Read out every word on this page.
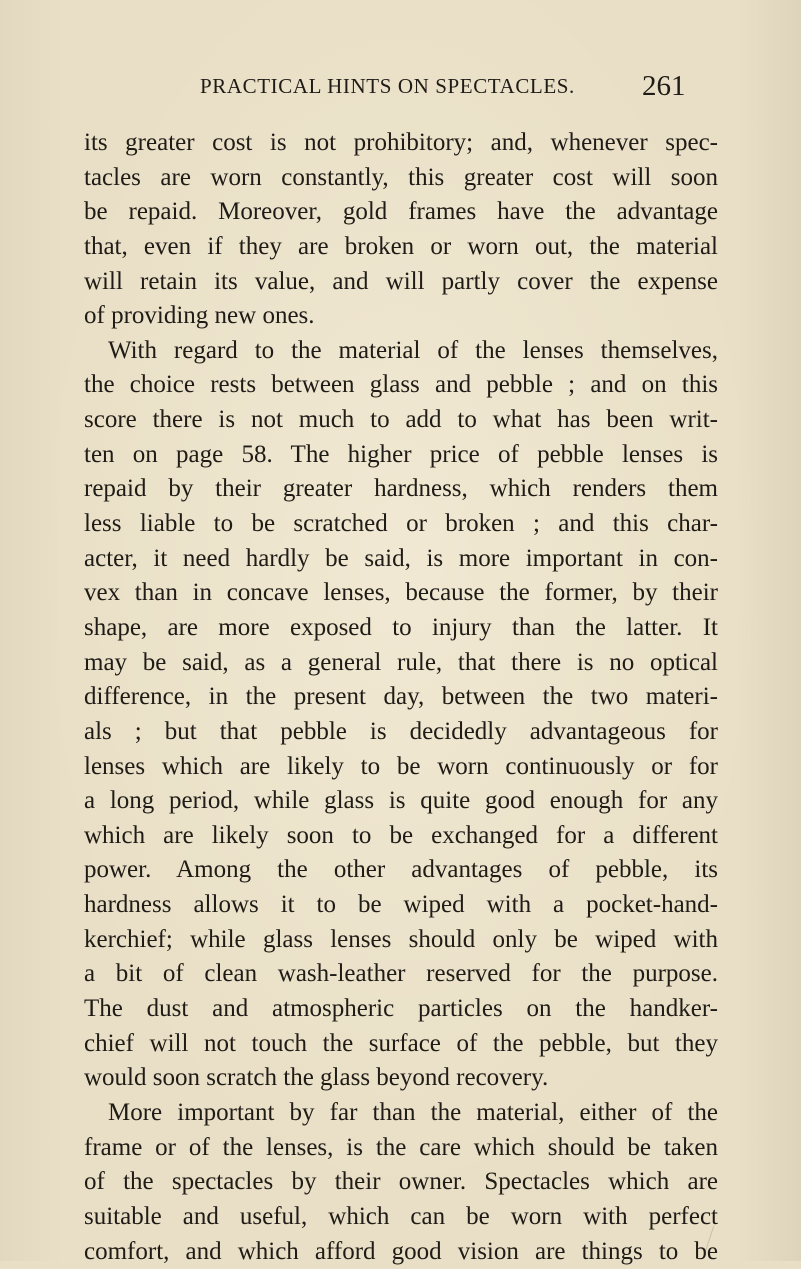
PRACTICAL HINTS ON SPECTACLES. 261
its greater cost is not prohibitory; and, whenever spec-
tacles are worn constantly, this greater cost will soon
be repaid. Moreover, gold frames have the advantage
that, even if they are broken or worn out, the material
will retain its value, and will partly cover the expense
of providing new ones.
With regard to the material of the lenses themselves,
the choice rests between glass and pebble ; and on this
score there is not much to add to what has been writ-
ten on page 58. The higher price of pebble lenses is
repaid by their greater hardness, which renders them
less liable to be scratched or broken ; and this char-
acter, it need hardly be said, is more important in con-
vex than in concave lenses, because the former, by their
shape, are more exposed to injury than the latter. It
may be said, as a general rule, that there is no optical
difference, in the present day, between the two materi-
als ; but that pebble is decidedly advantageous for
lenses which are likely to be worn continuously or for
a long period, while glass is quite good enough for any
which are likely soon to be exchanged for a different
power. Among the other advantages of pebble, its
hardness allows it to be wiped with a pocket-hand-
kerchief; while glass lenses should only be wiped with
a bit of clean wash-leather reserved for the purpose.
The dust and atmospheric particles on the handker-
chief will not touch the surface of the pebble, but they
would soon scratch the glass beyond recovery.
More important by far than the material, either of the
frame or of the lenses, is the care which should be taken
of the spectacles by their owner. Spectacles which are
suitable and useful, which can be worn with perfect
comfort, and which afford good vision are things to be
